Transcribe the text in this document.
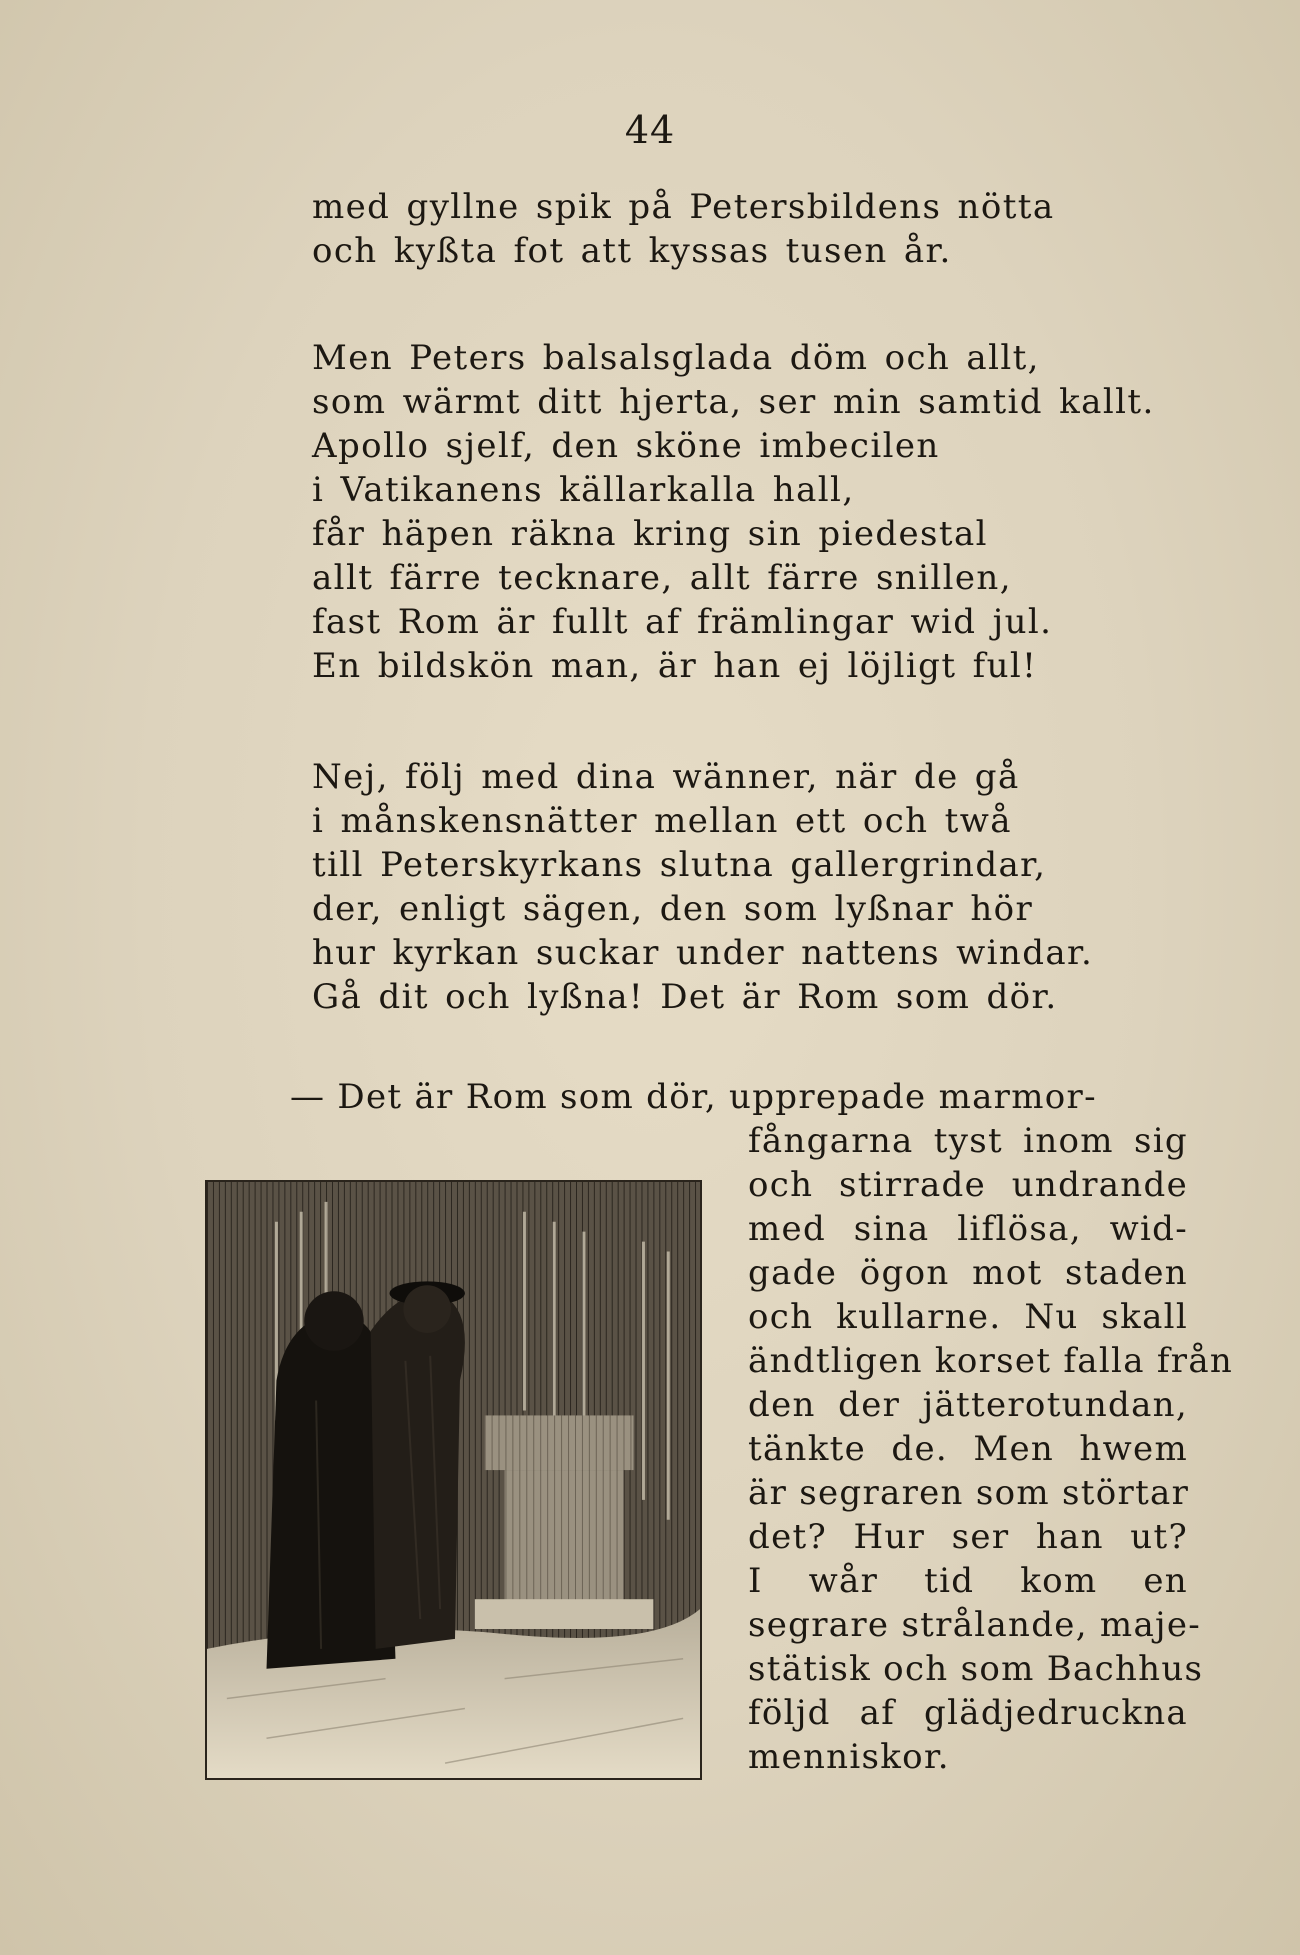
44
med gyllne spik på Petersbildens nötta
och kyßta fot att kyssas tusen år.
Men Peters balsalsglada döm och allt,
som wärmt ditt hjerta, ser min samtid kallt.
Apollo sjelf, den sköne imbecilen
i Vatikanens källarkalla hall,
får häpen räkna kring sin piedestal
allt färre tecknare, allt färre snillen,
fast Rom är fullt af främlingar wid jul.
En bildskön man, är han ej löjligt ful!
Nej, följ med dina wänner, när de gå
i månskensnätter mellan ett och twå
till Peterskyrkans slutna gallergrindar,
der, enligt sägen, den som lyßnar hör
hur kyrkan suckar under nattens windar.
Gå dit och lyßna! Det är Rom som dör.
— Det är Rom som dör, upprepade marmor-
fångarna tyst inom sig
och stirrade undrande
med sina liflösa, wid-
gade ögon mot staden
och kullarne. Nu skall
ändtligen korset falla från
den der jätterotundan,
tänkte de. Men hwem
är segraren som störtar
det? Hur ser han ut?
I wår tid kom en
segrare strålande, maje-
stätisk och som Bachhus
följd af glädjedruckna
menniskor.
